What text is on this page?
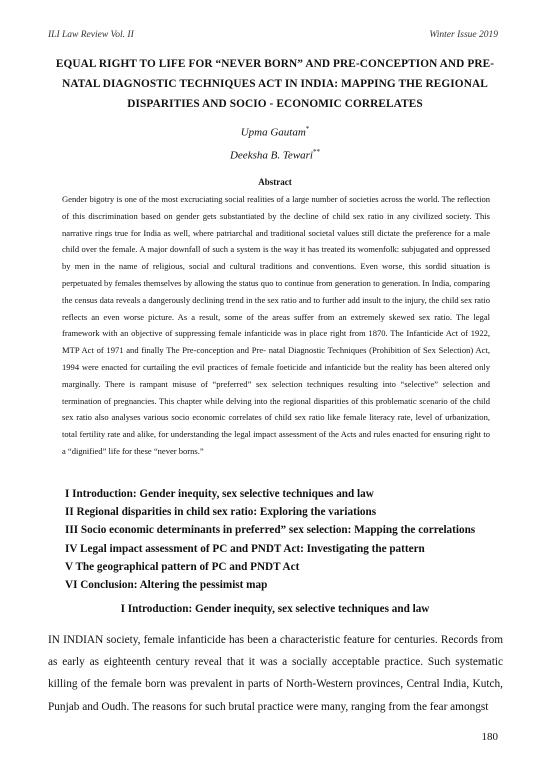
ILI Law Review Vol. II	Winter Issue 2019
EQUAL RIGHT TO LIFE FOR “NEVER BORN” AND PRE-CONCEPTION AND PRE-NATAL DIAGNOSTIC TECHNIQUES ACT IN INDIA: MAPPING THE REGIONAL DISPARITIES AND SOCIO - ECONOMIC CORRELATES
Upma Gautam*
Deeksha B. Tewari**
Abstract

Gender bigotry is one of the most excruciating social realities of a large number of societies across the world. The reflection of this discrimination based on gender gets substantiated by the decline of child sex ratio in any civilized society. This narrative rings true for India as well, where patriarchal and traditional societal values still dictate the preference for a male child over the female. A major downfall of such a system is the way it has treated its womenfolk: subjugated and oppressed by men in the name of religious, social and cultural traditions and conventions. Even worse, this sordid situation is perpetuated by females themselves by allowing the status quo to continue from generation to generation. In India, comparing the census data reveals a dangerously declining trend in the sex ratio and to further add insult to the injury, the child sex ratio reflects an even worse picture. As a result, some of the areas suffer from an extremely skewed sex ratio. The legal framework with an objective of suppressing female infanticide was in place right from 1870. The Infanticide Act of 1922, MTP Act of 1971 and finally The Pre-conception and Pre- natal Diagnostic Techniques (Prohibition of Sex Selection) Act, 1994 were enacted for curtailing the evil practices of female foeticide and infanticide but the reality has been altered only marginally. There is rampant misuse of “preferred” sex selection techniques resulting into “selective” selection and termination of pregnancies. This chapter while delving into the regional disparities of this problematic scenario of the child sex ratio also analyses various socio economic correlates of child sex ratio like female literacy rate, level of urbanization, total fertility rate and alike, for understanding the legal impact assessment of the Acts and rules enacted for ensuring right to a “dignified” life for these “never borns.”

I Introduction: Gender inequity, sex selective techniques and law
II Regional disparities in child sex ratio: Exploring the variations
III Socio economic determinants in preferred” sex selection: Mapping the correlations
IV Legal impact assessment of PC and PNDT Act: Investigating the pattern
V The geographical pattern of PC and PNDT Act
VI Conclusion: Altering the pessimist map
I Introduction: Gender inequity, sex selective techniques and law

IN INDIAN society, female infanticide has been a characteristic feature for centuries. Records from as early as eighteenth century reveal that it was a socially acceptable practice. Such systematic killing of the female born was prevalent in parts of North-Western provinces, Central India, Kutch, Punjab and Oudh. The reasons for such brutal practice were many, ranging from the fear amongst

180
